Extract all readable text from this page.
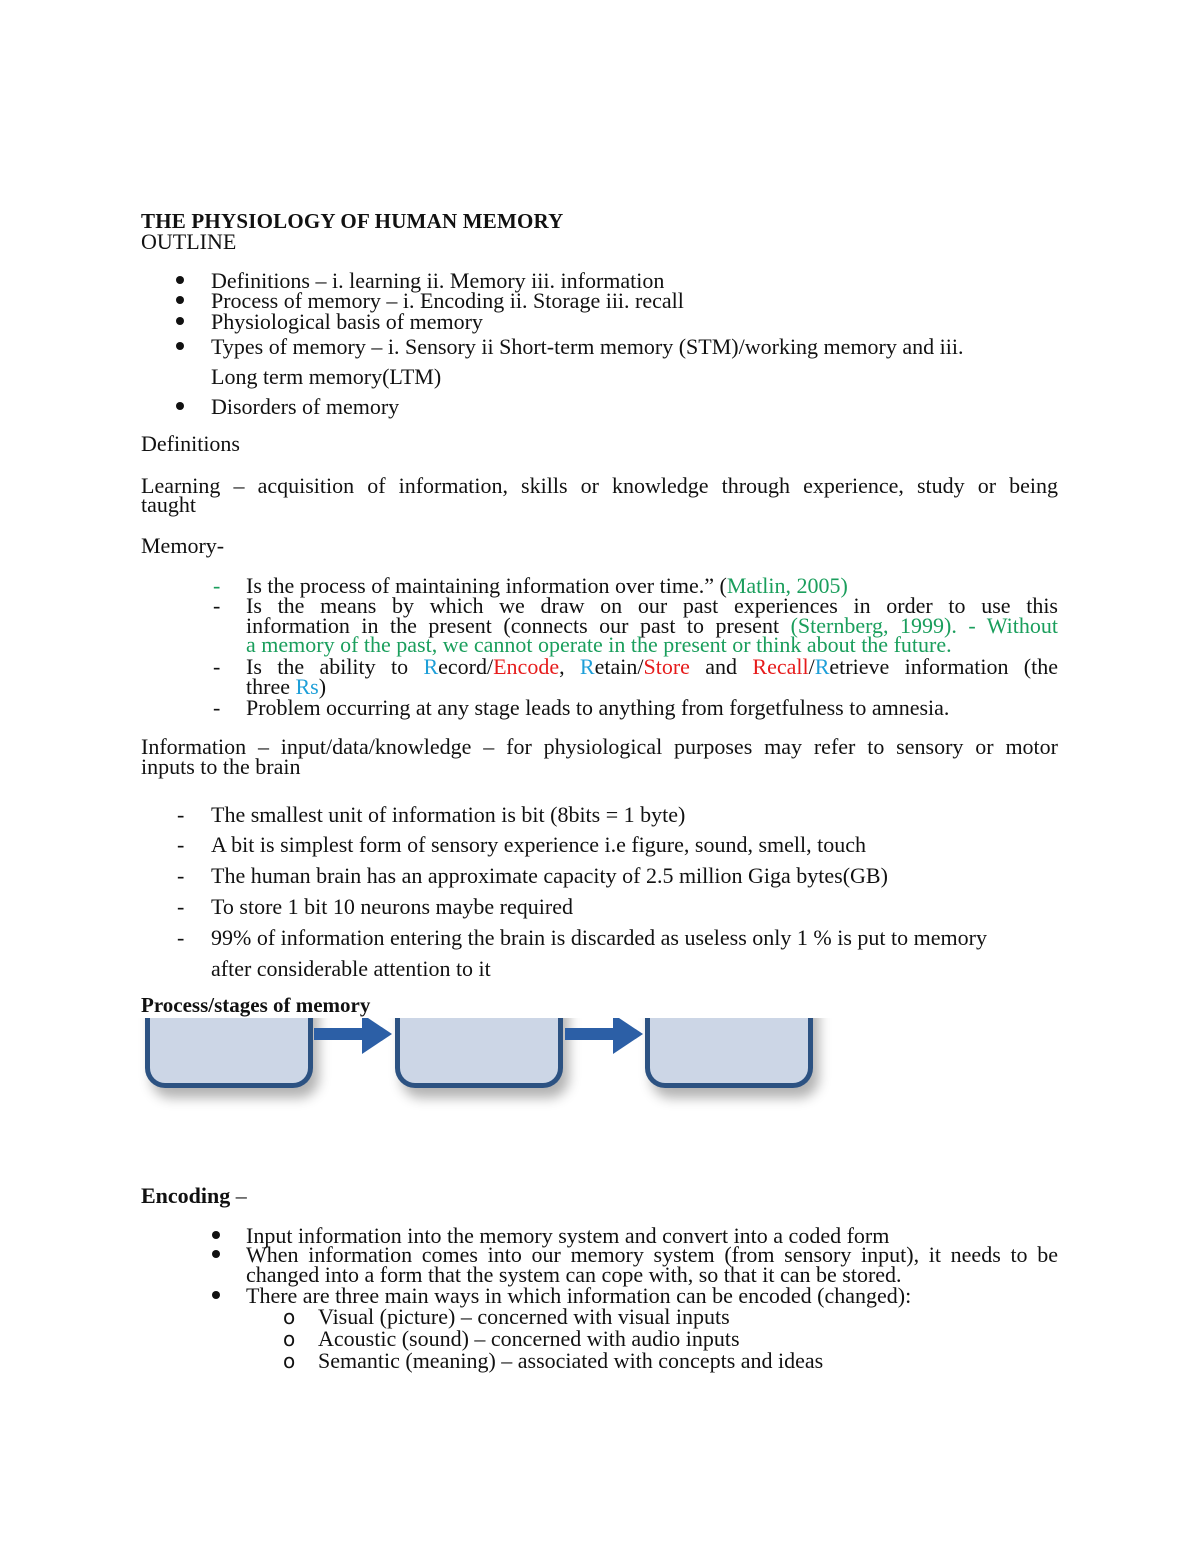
THE PHYSIOLOGY OF HUMAN MEMORY
OUTLINE
Definitions – i. learning ii. Memory iii. information
Process of memory – i. Encoding ii. Storage iii. recall
Physiological basis of memory
Types of memory – i. Sensory ii Short-term memory (STM)/working memory and iii.
Long term memory(LTM)
Disorders of memory
Definitions
Learning – acquisition of information, skills or knowledge through experience, study or being
taught
Memory-
- Is the process of maintaining information over time.” (Matlin, 2005)
- Is the means by which we draw on our past experiences in order to use this
information in the present (connects our past to present (Sternberg, 1999). - Without
a memory of the past, we cannot operate in the present or think about the future.
- Is the ability to Record/Encode, Retain/Store and Recall/Retrieve information (the
three Rs)
- Problem occurring at any stage leads to anything from forgetfulness to amnesia.
Information – input/data/knowledge – for physiological purposes may refer to sensory or motor
inputs to the brain
- The smallest unit of information is bit (8bits = 1 byte)
- A bit is simplest form of sensory experience i.e figure, sound, smell, touch
- The human brain has an approximate capacity of 2.5 million Giga bytes(GB)
- To store 1 bit 10 neurons maybe required
- 99% of information entering the brain is discarded as useless only 1 % is put to memory
after considerable attention to it
Process/stages of memory
Encoding –
Input information into the memory system and convert into a coded form
When information comes into our memory system (from sensory input), it needs to be
changed into a form that the system can cope with, so that it can be stored.
There are three main ways in which information can be encoded (changed):
o Visual (picture) – concerned with visual inputs
o Acoustic (sound) – concerned with audio inputs
o Semantic (meaning) – associated with concepts and ideas
